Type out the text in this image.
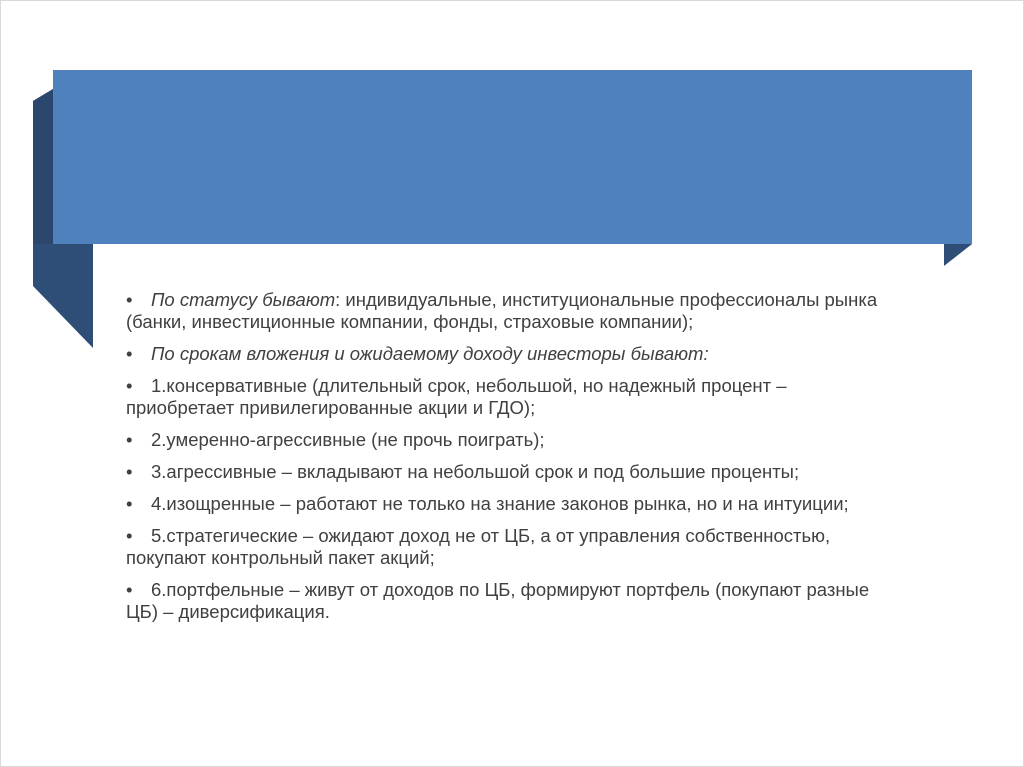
• По статусу бывают: индивидуальные, институциональные профессионалы рынка (банки, инвестиционные компании, фонды, страховые компании);
• По срокам вложения и ожидаемому доходу инвесторы бывают:
• 1.консервативные (длительный срок, небольшой, но надежный процент – приобретает привилегированные акции и ГДО);
• 2.умеренно-агрессивные (не прочь поиграть);
• 3.агрессивные – вкладывают на небольшой срок и под большие проценты;
• 4.изощренные – работают не только на знание законов рынка, но и на интуиции;
• 5.стратегические – ожидают доход не от ЦБ, а от управления собственностью, покупают контрольный пакет акций;
• 6.портфельные – живут от доходов по ЦБ, формируют портфель (покупают разные ЦБ) – диверсификация.
